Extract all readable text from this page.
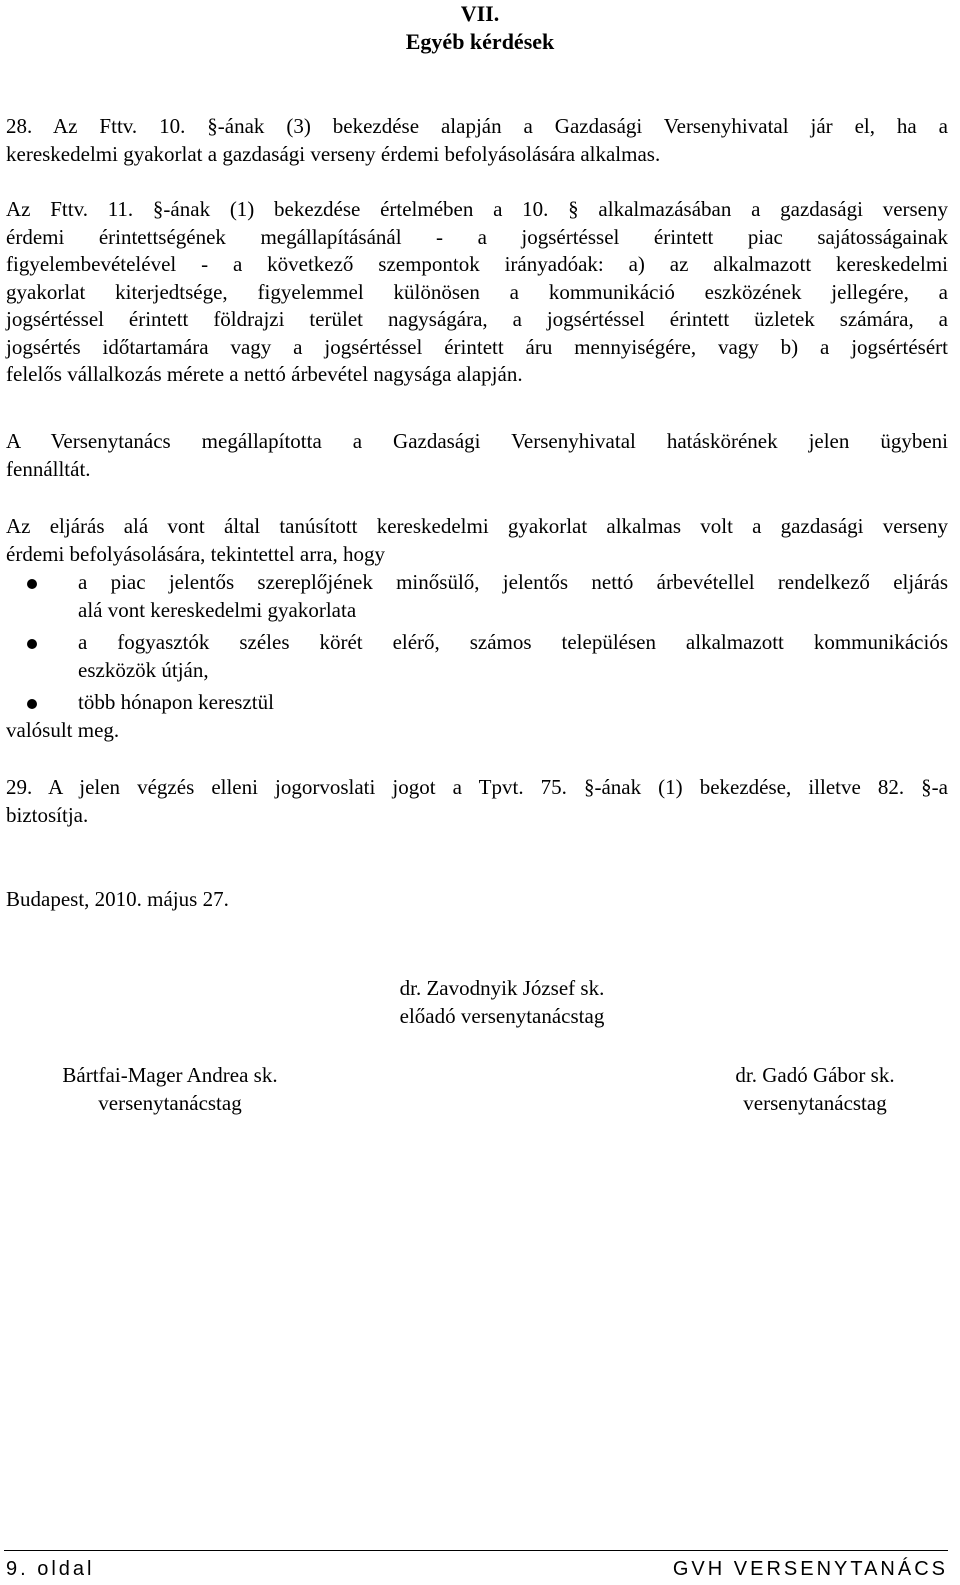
VII.
Egyéb kérdések
28. Az Fttv. 10. §-ának (3) bekezdése alapján a Gazdasági Versenyhivatal jár el, ha a
kereskedelmi gyakorlat a gazdasági verseny érdemi befolyásolására alkalmas.
Az Fttv. 11. §-ának (1) bekezdése értelmében a 10. § alkalmazásában a gazdasági verseny
érdemi érintettségének megállapításánál - a jogsértéssel érintett piac sajátosságainak
figyelembevételével - a következő szempontok irányadóak: a) az alkalmazott kereskedelmi
gyakorlat kiterjedtsége, figyelemmel különösen a kommunikáció eszközének jellegére, a
jogsértéssel érintett földrajzi terület nagyságára, a jogsértéssel érintett üzletek számára, a
jogsértés időtartamára vagy a jogsértéssel érintett áru mennyiségére, vagy b) a jogsértésért
felelős vállalkozás mérete a nettó árbevétel nagysága alapján.
A Versenytanács megállapította a Gazdasági Versenyhivatal hatáskörének jelen ügybeni
fennálltát.
Az eljárás alá vont által tanúsított kereskedelmi gyakorlat alkalmas volt a gazdasági verseny
érdemi befolyásolására, tekintettel arra, hogy
a piac jelentős szereplőjének minősülő, jelentős nettó árbevétellel rendelkező eljárás
alá vont kereskedelmi gyakorlata
a fogyasztók széles körét elérő, számos településen alkalmazott kommunikációs
eszközök útján,
több hónapon keresztül
valósult meg.
29. A jelen végzés elleni jogorvoslati jogot a Tpvt. 75. §-ának (1) bekezdése, illetve 82. §-a
biztosítja.
Budapest, 2010. május 27.
dr. Zavodnyik József sk.
előadó versenytanácstag
Bártfai-Mager Andrea sk.
versenytanácstag
dr. Gadó Gábor sk.
versenytanácstag
9. oldal	GVH VERSENYTANÁCS
